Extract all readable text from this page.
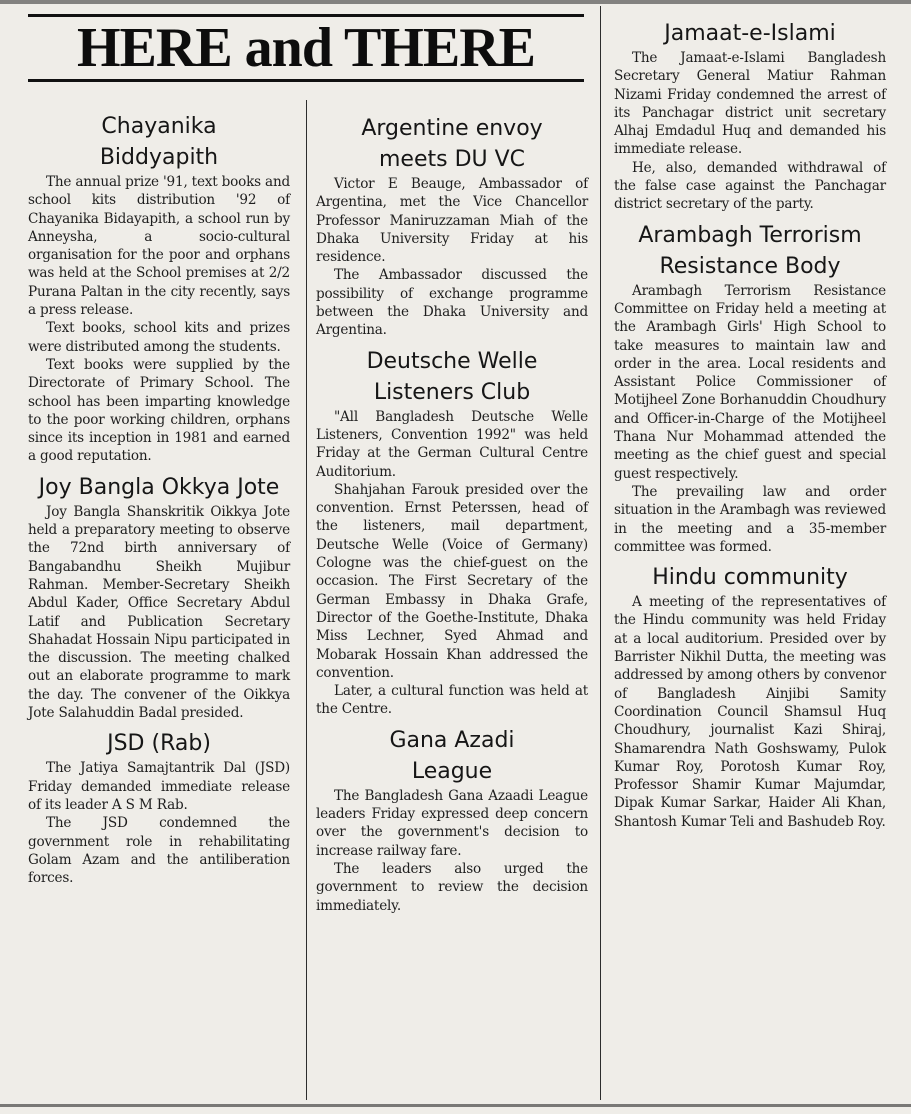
HERE and THERE
Chayanika
Biddyapith

The annual prize '91, text books and school kits distribution '92 of Chayanika Bidayapith, a school run by Anneysha, a socio-cultural organisation for the poor and orphans was held at the School premises at 2/2 Purana Paltan in the city recently, says a press release.

Text books, school kits and prizes were distributed among the students.

Text books were supplied by the Directorate of Primary School. The school has been imparting knowledge to the poor working children, orphans since its inception in 1981 and earned a good reputation.

Joy Bangla Okkya Jote

Joy Bangla Shanskritik Oikkya Jote held a preparatory meeting to observe the 72nd birth anniversary of Bangabandhu Sheikh Mujibur Rahman. Member-Secretary Sheikh Abdul Kader, Office Secretary Abdul Latif and Publication Secretary Shahadat Hossain Nipu participated in the discussion. The meeting chalked out an elaborate programme to mark the day. The convener of the Oikkya Jote Salahuddin Badal presided.

JSD (Rab)

The Jatiya Samajtantrik Dal (JSD) Friday demanded immediate release of its leader A S M Rab.

The JSD condemned the government role in rehabilitating Golam Azam and the antiliberation forces.

Argentine envoy
meets DU VC

Victor E Beauge, Ambassador of Argentina, met the Vice Chancellor Professor Maniruzzaman Miah of the Dhaka University Friday at his residence.

The Ambassador discussed the possibility of exchange programme between the Dhaka University and Argentina.

Deutsche Welle
Listeners Club

"All Bangladesh Deutsche Welle Listeners, Convention 1992" was held Friday at the German Cultural Centre Auditorium.

Shahjahan Farouk presided over the convention. Ernst Peterssen, head of the listeners, mail department, Deutsche Welle (Voice of Germany) Cologne was the chief-guest on the occasion. The First Secretary of the German Embassy in Dhaka Grafe, Director of the Goethe-Institute, Dhaka Miss Lechner, Syed Ahmad and Mobarak Hossain Khan addressed the convention.

Later, a cultural function was held at the Centre.

Gana Azadi
League

The Bangladesh Gana Azaadi League leaders Friday expressed deep concern over the government's decision to increase railway fare.

The leaders also urged the government to review the decision immediately.

Jamaat-e-Islami

The Jamaat-e-Islami Bangladesh Secretary General Matiur Rahman Nizami Friday condemned the arrest of its Panchagar district unit secretary Alhaj Emdadul Huq and demanded his immediate release.

He, also, demanded withdrawal of the false case against the Panchagar district secretary of the party.

Arambagh Terrorism
Resistance Body

Arambagh Terrorism Resistance Committee on Friday held a meeting at the Arambagh Girls' High School to take measures to maintain law and order in the area. Local residents and Assistant Police Commissioner of Motijheel Zone Borhanuddin Choudhury and Officer-in-Charge of the Motijheel Thana Nur Mohammad attended the meeting as the chief guest and special guest respectively.

The prevailing law and order situation in the Arambagh was reviewed in the meeting and a 35-member committee was formed.

Hindu community

A meeting of the representatives of the Hindu community was held Friday at a local auditorium. Presided over by Barrister Nikhil Dutta, the meeting was addressed by among others by convenor of Bangladesh Ainjibi Samity Coordination Council Shamsul Huq Choudhury, journalist Kazi Shiraj, Shamarendra Nath Goshswamy, Pulok Kumar Roy, Porotosh Kumar Roy, Professor Shamir Kumar Majumdar, Dipak Kumar Sarkar, Haider Ali Khan, Shantosh Kumar Teli and Bashudeb Roy.
